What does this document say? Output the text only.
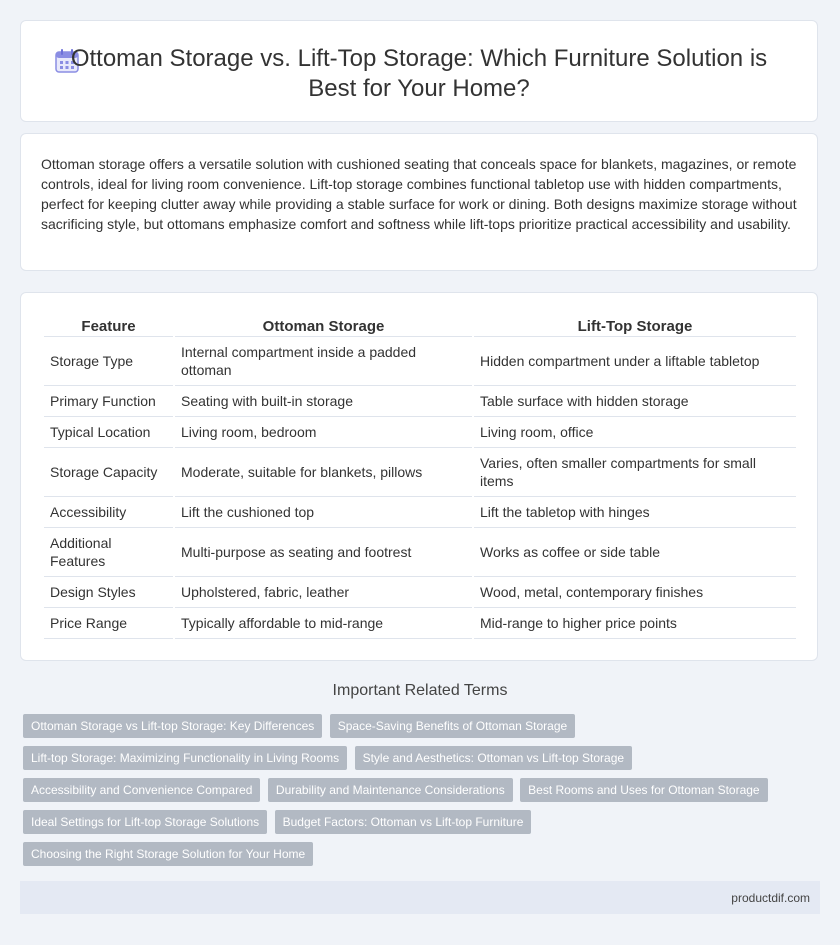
Ottoman Storage vs. Lift-Top Storage: Which Furniture Solution is Best for Your Home?

Ottoman storage offers a versatile solution with cushioned seating that conceals space for blankets, magazines, or remote controls, ideal for living room convenience. Lift-top storage combines functional tabletop use with hidden compartments, perfect for keeping clutter away while providing a stable surface for work or dining. Both designs maximize storage without sacrificing style, but ottomans emphasize comfort and softness while lift-tops prioritize practical accessibility and usability.

Feature	Ottoman Storage	Lift-Top Storage
Storage Type	Internal compartment inside a padded ottoman	Hidden compartment under a liftable tabletop
Primary Function	Seating with built-in storage	Table surface with hidden storage
Typical Location	Living room, bedroom	Living room, office
Storage Capacity	Moderate, suitable for blankets, pillows	Varies, often smaller compartments for small items
Accessibility	Lift the cushioned top	Lift the tabletop with hinges
Additional Features	Multi-purpose as seating and footrest	Works as coffee or side table
Design Styles	Upholstered, fabric, leather	Wood, metal, contemporary finishes
Price Range	Typically affordable to mid-range	Mid-range to higher price points
Important Related Terms
Ottoman Storage vs Lift-top Storage: Key Differences Space-Saving Benefits of Ottoman Storage
Lift-top Storage: Maximizing Functionality in Living Rooms Style and Aesthetics: Ottoman vs Lift-top Storage
Accessibility and Convenience Compared Durability and Maintenance Considerations Best Rooms and Uses for Ottoman Storage
Ideal Settings for Lift-top Storage Solutions Budget Factors: Ottoman vs Lift-top Furniture
Choosing the Right Storage Solution for Your Home
productdif.com
